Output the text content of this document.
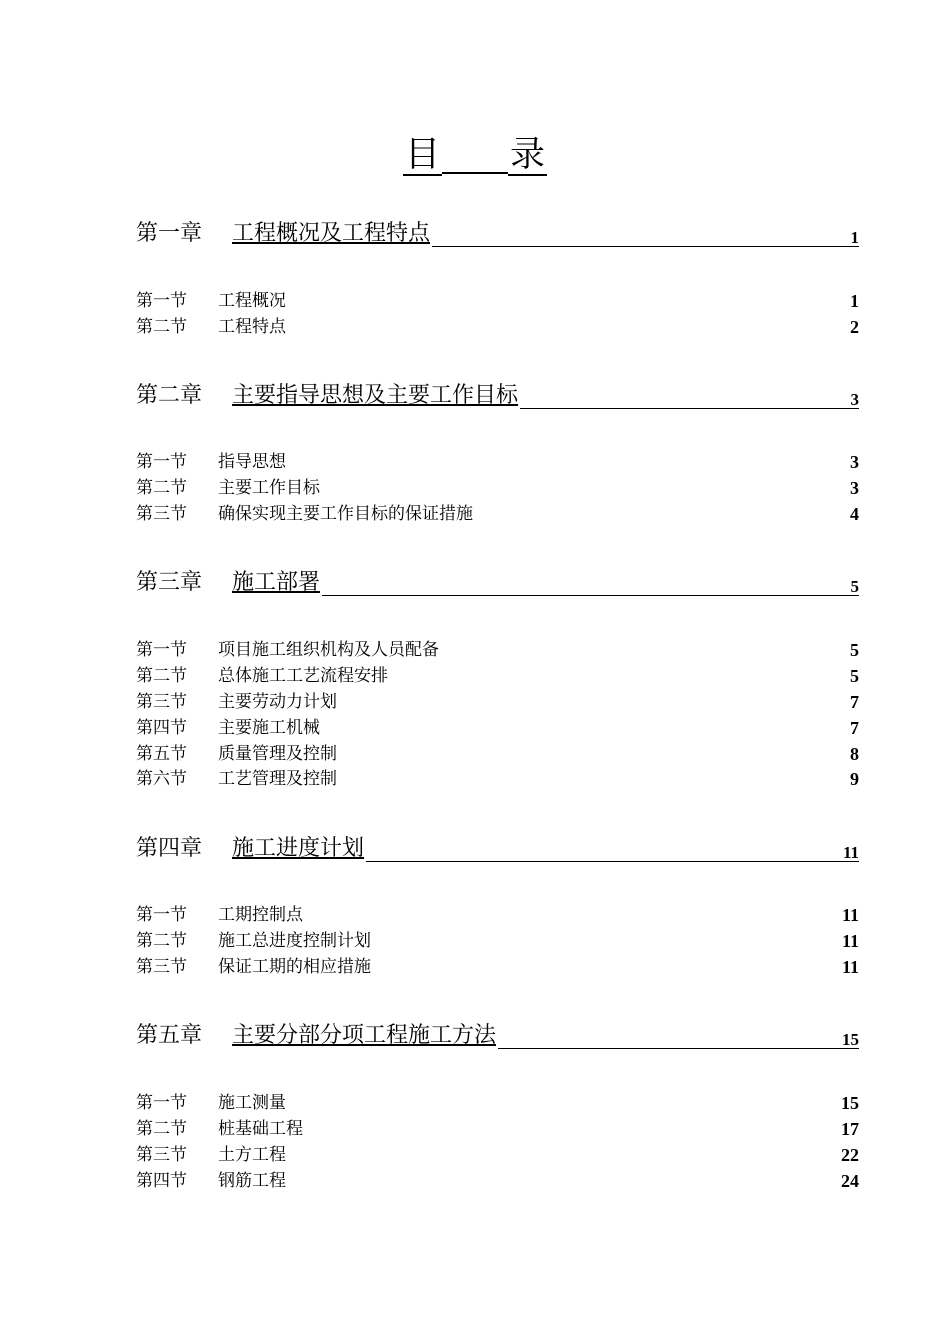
目 录
第一章 工程概况及工程特点	1
第一节 工程概况	1
第二节 工程特点	2
第二章 主要指导思想及主要工作目标	3
第一节 指导思想	3
第二节 主要工作目标	3
第三节 确保实现主要工作目标的保证措施	4
第三章 施工部署	5
第一节 项目施工组织机构及人员配备	5
第二节 总体施工工艺流程安排	5
第三节 主要劳动力计划	7
第四节 主要施工机械	7
第五节 质量管理及控制	8
第六节 工艺管理及控制	9
第四章 施工进度计划	11
第一节 工期控制点	11
第二节 施工总进度控制计划	11
第三节 保证工期的相应措施	11
第五章 主要分部分项工程施工方法	15
第一节 施工测量	15
第二节 桩基础工程	17
第三节 土方工程	22
第四节 钢筋工程	24
